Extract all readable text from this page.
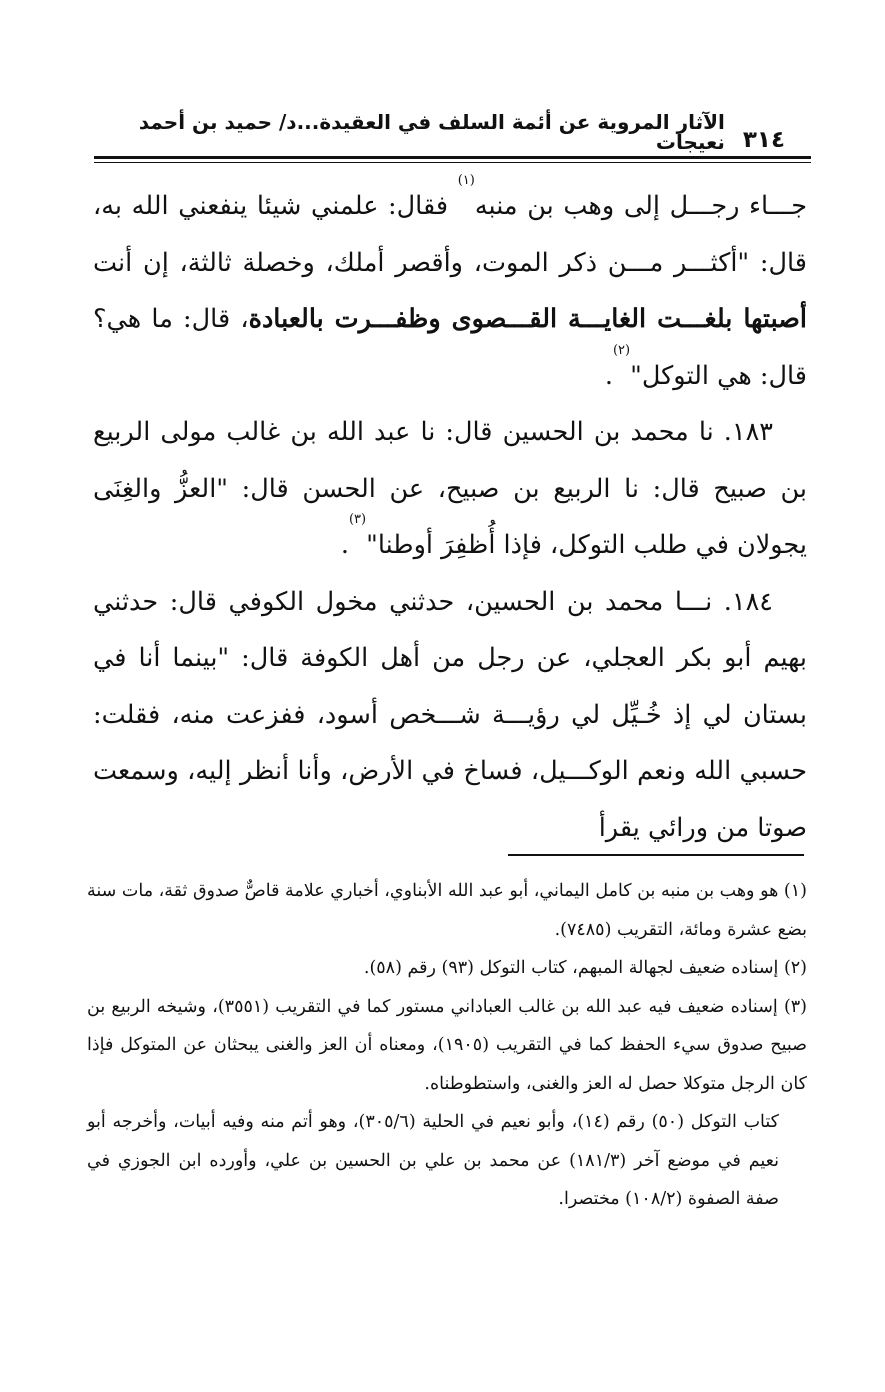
٣١٤
الآثار المروية عن أئمة السلف في العقيدة...د/ حميد بن أحمد نعيجات

جـــاء رجـــل إلى وهب بن منبه$^{(١)}$ فقال: علمني شيئا ينفعني الله به، قال: "أكثـــر مـــن ذكر الموت، وأقصر أملك، وخصلة ثالثة، إن أنت أصبتها بلغـــت الغايـــة القـــصوى وظفـــرت بالعبادة، قال: ما هي؟ قال: هي التوكل"$^{(٢)}$.

١٨٣. نا محمد بن الحسين قال: نا عبد الله بن غالب مولى الربيع بن صبيح قال: نا الربيع بن صبيح، عن الحسن قال: "العزُّ والغِنَى يجولان في طلب التوكل، فإذا أُظفِرَ أوطنا"$^{(٣)}$.

١٨٤. نـــا محمد بن الحسين، حدثني مخول الكوفي قال: حدثني بهيم أبو بكر العجلي، عن رجل من أهل الكوفة قال: "بينما أنا في بستان لي إذ خُـيِّل لي رؤيـــة شـــخص أسود، ففزعت منه، فقلت: حسبي الله ونعم الوكـــيل، فساخ في الأرض، وأنا أنظر إليه، وسمعت صوتا من ورائي يقرأ

(١) هو وهب بن منبه بن كامل اليماني، أبو عبد الله الأبناوي، أخباري علامة قاصٌّ صدوق ثقة، مات سنة بضع عشرة ومائة، التقريب (٧٤٨٥).

(٢) إسناده ضعيف لجهالة المبهم، كتاب التوكل (٩٣) رقم (٥٨).

(٣) إسناده ضعيف فيه عبد الله بن غالب العباداني مستور كما في التقريب (٣٥٥١)، وشيخه الربيع بن صبيح صدوق سيء الحفظ كما في التقريب (١٩٠٥)، ومعناه أن العز والغنى يبحثان عن المتوكل فإذا كان الرجل متوكلا حصل له العز والغنى، واستطوطناه.

كتاب التوكل (٥٠) رقم (١٤)، وأبو نعيم في الحلية (٣٠٥/٦)، وهو أتم منه وفيه أبيات، وأخرجه أبو نعيم في موضع آخر (١٨١/٣) عن محمد بن علي بن الحسين بن علي، وأورده ابن الجوزي في صفة الصفوة (١٠٨/٢) مختصرا.
